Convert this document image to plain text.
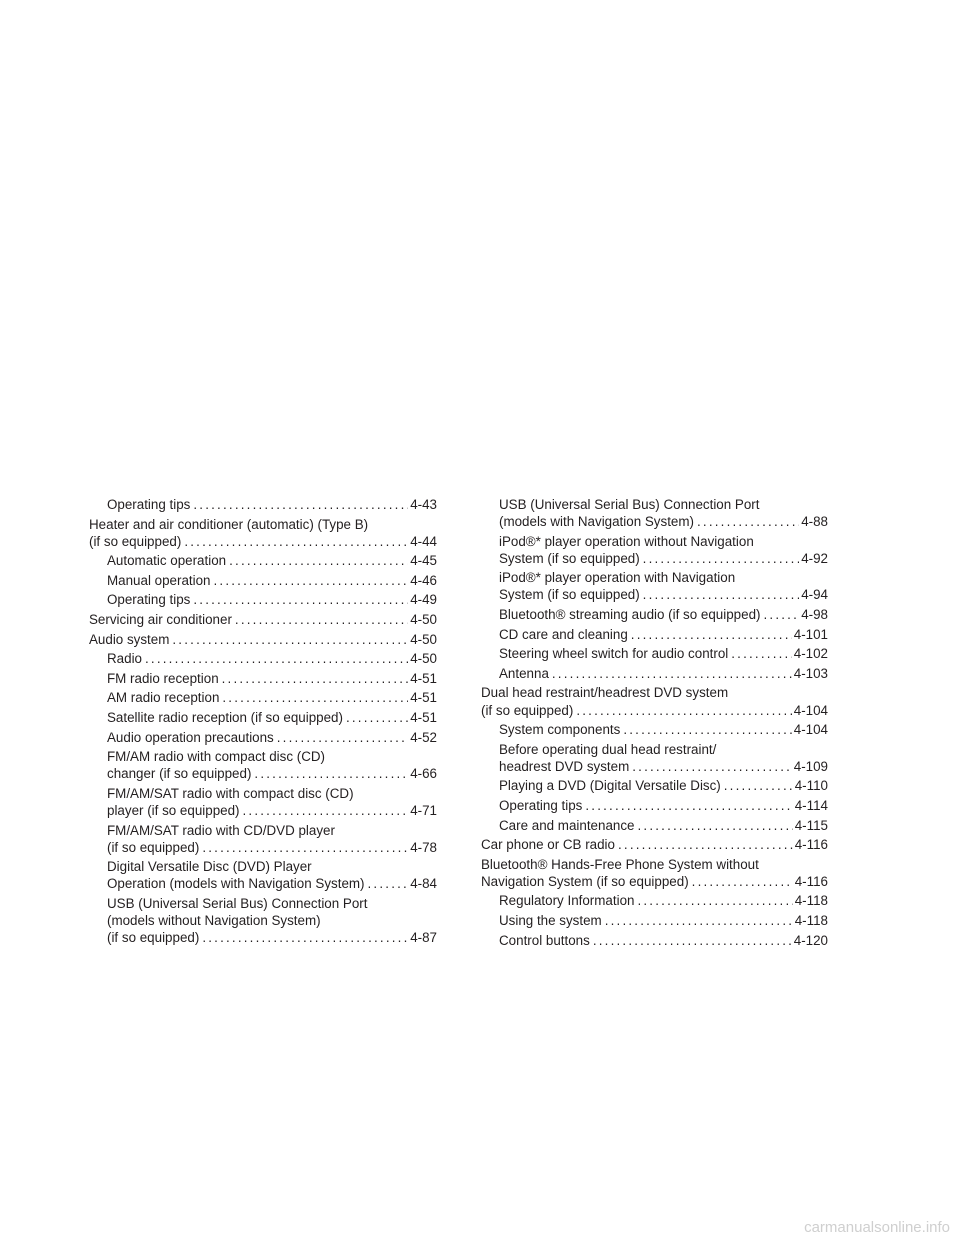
Operating tips .....	4-43
Heater and air conditioner (automatic) (Type B)
(if so equipped) .....	4-44
Automatic operation .....	4-45
Manual operation .....	4-46
Operating tips .....	4-49
Servicing air conditioner .....	4-50
Audio system .....	4-50
Radio .....	4-50
FM radio reception .....	4-51
AM radio reception .....	4-51
Satellite radio reception (if so equipped) .....	4-51
Audio operation precautions .....	4-52
FM/AM radio with compact disc (CD)
changer (if so equipped) .....	4-66
FM/AM/SAT radio with compact disc (CD)
player (if so equipped) .....	4-71
FM/AM/SAT radio with CD/DVD player
(if so equipped) .....	4-78
Digital Versatile Disc (DVD) Player
Operation (models with Navigation System) .....	4-84
USB (Universal Serial Bus) Connection Port
(models without Navigation System)
(if so equipped) .....	4-87
USB (Universal Serial Bus) Connection Port
(models with Navigation System) .....	4-88
iPod®* player operation without Navigation
System (if so equipped) .....	4-92
iPod®* player operation with Navigation
System (if so equipped) .....	4-94
Bluetooth® streaming audio (if so equipped) .....	4-98
CD care and cleaning .....	4-101
Steering wheel switch for audio control .....	4-102
Antenna .....	4-103
Dual head restraint/headrest DVD system
(if so equipped) .....	4-104
System components .....	4-104
Before operating dual head restraint/
headrest DVD system .....	4-109
Playing a DVD (Digital Versatile Disc) .....	4-110
Operating tips .....	4-114
Care and maintenance .....	4-115
Car phone or CB radio .....	4-116
Bluetooth® Hands-Free Phone System without
Navigation System (if so equipped) .....	4-116
Regulatory Information .....	4-118
Using the system .....	4-118
Control buttons .....	4-120
carmanualsonline.info
